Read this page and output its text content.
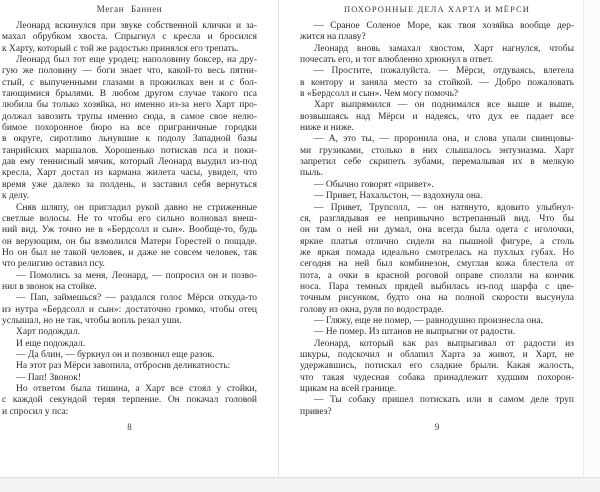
Меган Баннен

Леонард вскинулся при звуке собственной клички и за-
махал обрубком хвоста. Спрыгнул с кресла и бросился
к Харту, который с той же радостью принялся его трепать.

Леонард был тот еще уродец: наполовину боксер, на дру-
гую же половину — боги знает что, какой-то весь пятни-
стый, с выпученными глазами в прожилках вен и с бол-
тающимися брылями. В любом другом случае такого пса
любила бы только хозяйка, но именно из-за него Харт про-
должал завозить трупы именно сюда, в самое свое нелю-
бимое похоронное бюро на все приграничные городки
в округе, сиротливо льнувшие к подолу Западной базы
танрийских маршалов. Хорошенько потискав пса и поки-
дав ему теннисный мячик, который Леонард выудил из-под
кресла, Харт достал из кармана жилета часы, увидел, что
время уже далеко за полдень, и заставил себя вернуться
к делу.

Сняв шляпу, он пригладил рукой давно не стриженные
светлые волосы. Не то чтобы его сильно волновал внеш-
ний вид. Уж точно не в «Бердсолл и сын». Вообще-то, будь
он верующим, он бы взмолился Матери Горестей о пощаде.
Но он был не такой человек, и даже не совсем человек, так
что религию оставил псу.

— Помолись за меня, Леонард, — попросил он и позво-
нил в звонок на стойке.

— Пап, займешься? — раздался голос Мёрси откуда-то
из нутра «Бердсолл и сын»: достаточно громко, чтобы отец
услышал, но не так, чтобы вопль резал уши.

Харт подождал.

И еще подождал.

— Да блин, — буркнул он и позвонил еще разок.

На этот раз Мёрси завопила, отбросив деликатность:

— Пап! Звонок!

Но ответом была тишина, а Харт все стоял у стойки,
с каждой секундой теряя терпение. Он покачал головой
и спросил у пса:

8
ПОХОРОННЫЕ ДЕЛА ХАРТА И МЁРСИ

— Сраное Соленое Море, как твоя хозяйка вообще дер-
жится на плаву?

Леонард вновь замахал хвостом, Харт нагнулся, чтобы
почесать его, и тот влюбленно хрюкнул в ответ.

— Простите, пожалуйста. — Мёрси, отдуваясь, влетела
в контору и заняла место за стойкой. — Добро пожаловать
в «Бердсолл и сын». Чем могу помочь?

Харт выпрямился — он поднимался все выше и выше,
возвышаясь над Мёрси и надеясь, что дух ее падает все
ниже и ниже.

— А, это ты, — проронила она, и слова упали свинцовы-
ми грузиками, столько в них слышалось энтузиазма. Харт
запретил себе скрипеть зубами, перемалывая их в мелкую
пыль.

— Обычно говорят «привет».

— Привет, Нахальстон, — вздохнула она.

— Привет, Трупсолл, — он натянуто, ядовито улыбнул-
ся, разглядывая ее непривычно встрепанный вид. Что бы
он там о ней ни думал, она всегда была одета с иголочки,
яркие платья отлично сидели на пышной фигуре, а столь
же яркая помада идеально смотрелась на пухлых губах. Но
сегодня на ней был комбинезон, смуглая кожа блестела от
пота, а очки в красной роговой оправе сползли на кончик
носа. Пара темных прядей выбилась из-под шарфа с цве-
точным рисунком, будто она на полной скорости высунула
голову из окна, руля по водостраде.

— Гляжу, еще не помер, — равнодушно произнесла она.

— Не помер. Из штанов не выпрыгни от радости.

Леонард, который как раз выпрыгивал от радости из
шкуры, подскочил и облапил Харта за живот, и Харт, не
удержавшись, потискал его сладкие брыли. Какая жалость,
что такая чудесная собака принадлежит худшим похорон-
щикам на всей границе.

— Ты собаку пришел потискать или в самом деле труп
привез?

9
